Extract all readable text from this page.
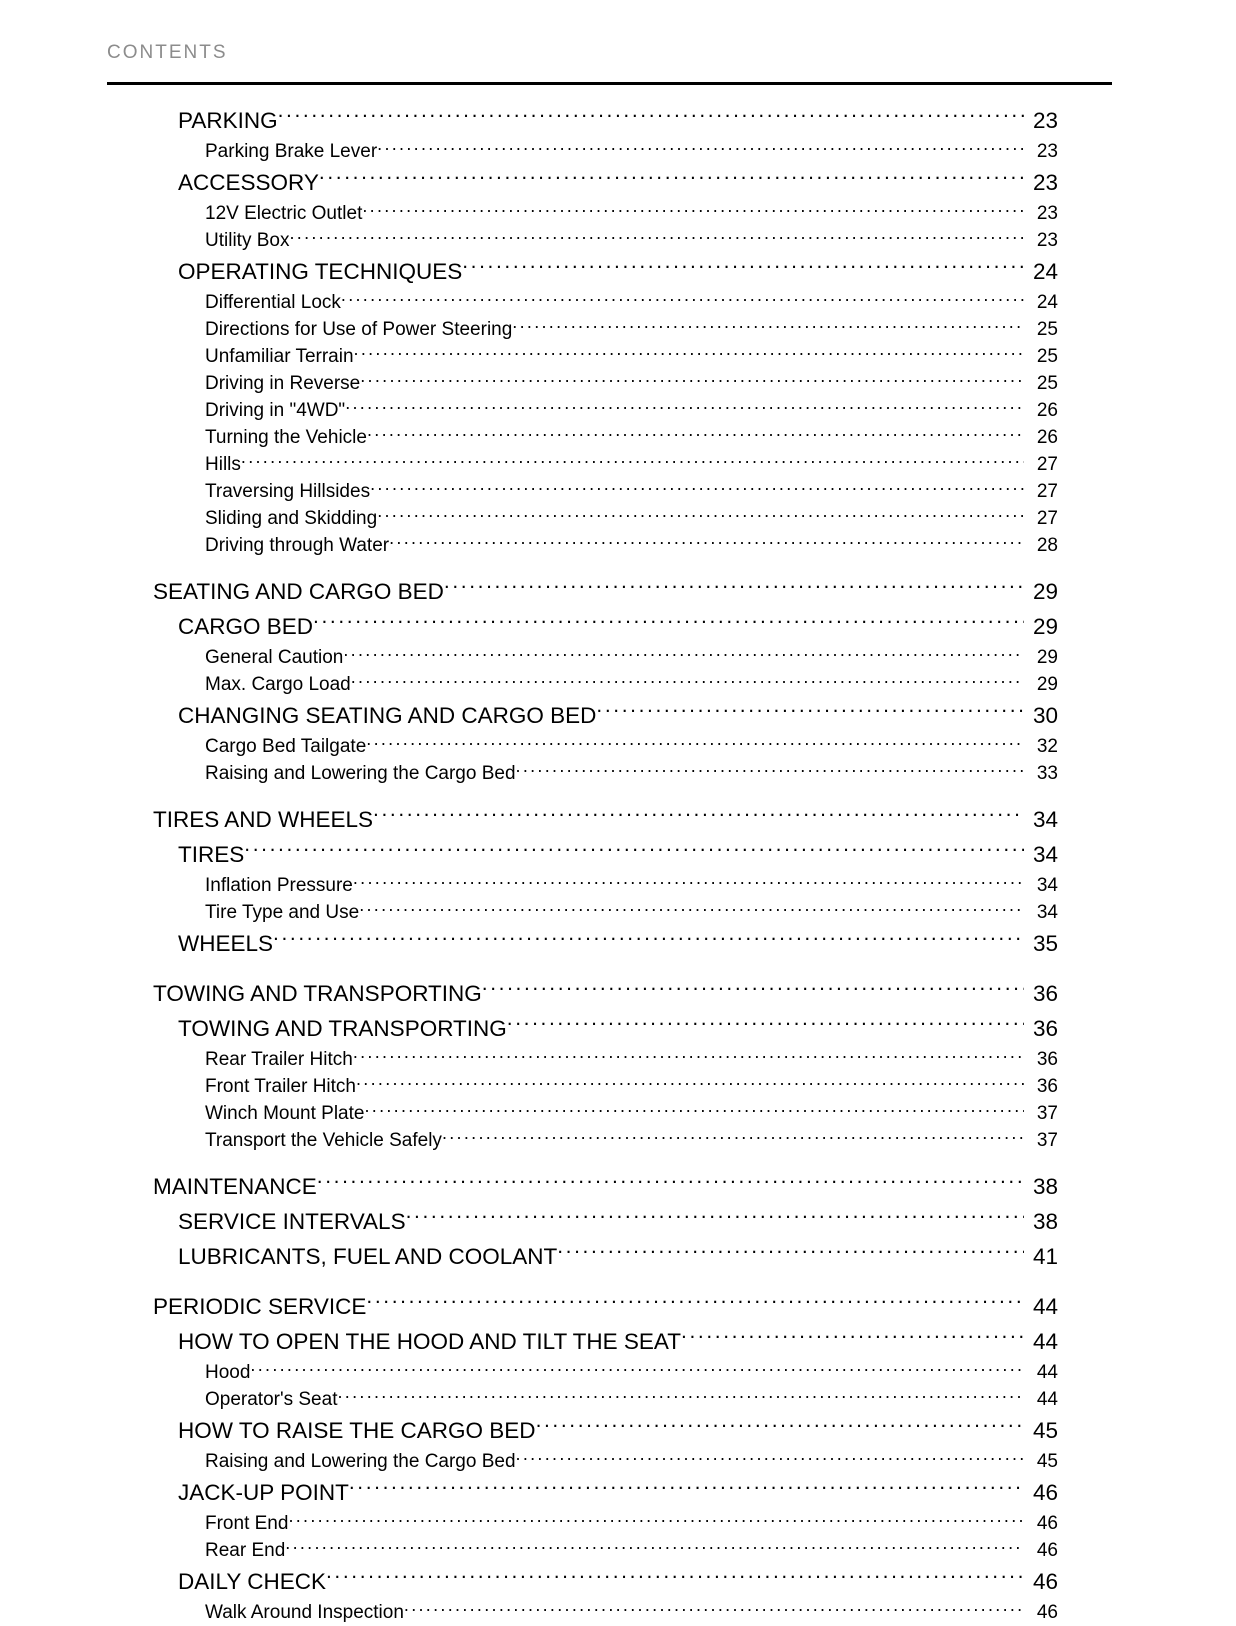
CONTENTS
PARKING .....	23
Parking Brake Lever .....	23
ACCESSORY .....	23
12V Electric Outlet .....	23
Utility Box .....	23
OPERATING TECHNIQUES .....	24
Differential Lock .....	24
Directions for Use of Power Steering .....	25
Unfamiliar Terrain .....	25
Driving in Reverse .....	25
Driving in "4WD" .....	26
Turning the Vehicle .....	26
Hills .....	27
Traversing Hillsides .....	27
Sliding and Skidding .....	27
Driving through Water .....	28
SEATING AND CARGO BED .....	29
CARGO BED .....	29
General Caution .....	29
Max. Cargo Load .....	29
CHANGING SEATING AND CARGO BED .....	30
Cargo Bed Tailgate .....	32
Raising and Lowering the Cargo Bed .....	33
TIRES AND WHEELS .....	34
TIRES .....	34
Inflation Pressure .....	34
Tire Type and Use .....	34
WHEELS .....	35
TOWING AND TRANSPORTING .....	36
TOWING AND TRANSPORTING .....	36
Rear Trailer Hitch .....	36
Front Trailer Hitch .....	36
Winch Mount Plate .....	37
Transport the Vehicle Safely .....	37
MAINTENANCE .....	38
SERVICE INTERVALS .....	38
LUBRICANTS, FUEL AND COOLANT .....	41
PERIODIC SERVICE .....	44
HOW TO OPEN THE HOOD AND TILT THE SEAT .....	44
Hood .....	44
Operator's Seat .....	44
HOW TO RAISE THE CARGO BED .....	45
Raising and Lowering the Cargo Bed .....	45
JACK-UP POINT .....	46
Front End .....	46
Rear End .....	46
DAILY CHECK .....	46
Walk Around Inspection .....	46
